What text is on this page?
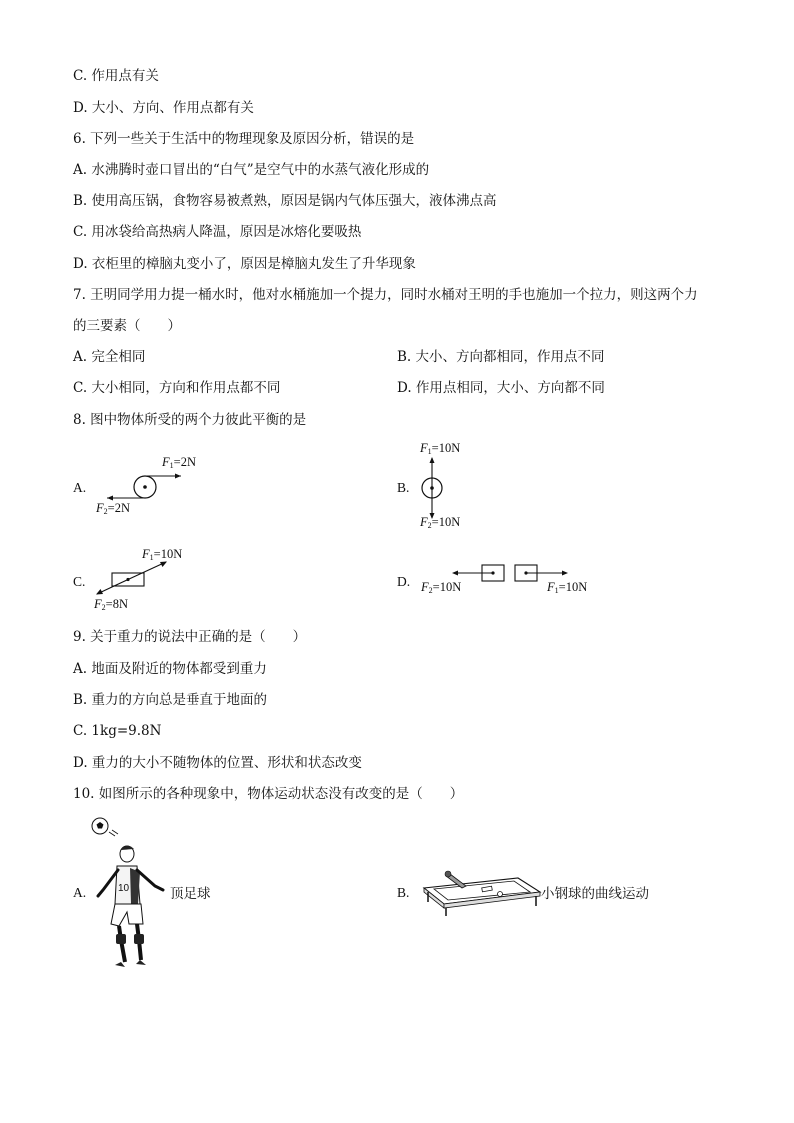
C. 作用点有关
D. 大小、方向、作用点都有关
6. 下列一些关于生活中的物理现象及原因分析，错误的是
A. 水沸腾时壶口冒出的“白气”是空气中的水蒸气液化形成的
B. 使用高压锅，食物容易被煮熟，原因是锅内气体压强大，液体沸点高
C. 用冰袋给高热病人降温，原因是冰熔化要吸热
D. 衣柜里的樟脑丸变小了，原因是樟脑丸发生了升华现象
7. 王明同学用力提一桶水时，他对水桶施加一个提力，同时水桶对王明的手也施加一个拉力，则这两个力
的三要素（　　）
A. 完全相同	B. 大小、方向都相同，作用点不同
C. 大小相同，方向和作用点都不同	D. 作用点相同，大小、方向都不同
8. 图中物体所受的两个力彼此平衡的是
A.
$F_1=2N$
$F_2=2N$
B.
$F_1=10N$
$F_2=10N$
C.
$F_1=10N$
$F_2=8N$
D. $F_2=10N$	$F_1=10N$
9. 关于重力的说法中正确的是（　　）
A. 地面及附近的物体都受到重力
B. 重力的方向总是垂直于地面的
C. 1kg=9.8N
D. 重力的大小不随物体的位置、形状和状态改变
10. 如图所示的各种现象中，物体运动状态没有改变的是（　　）
A.	10	顶足球	B.	小钢球的曲线运动
